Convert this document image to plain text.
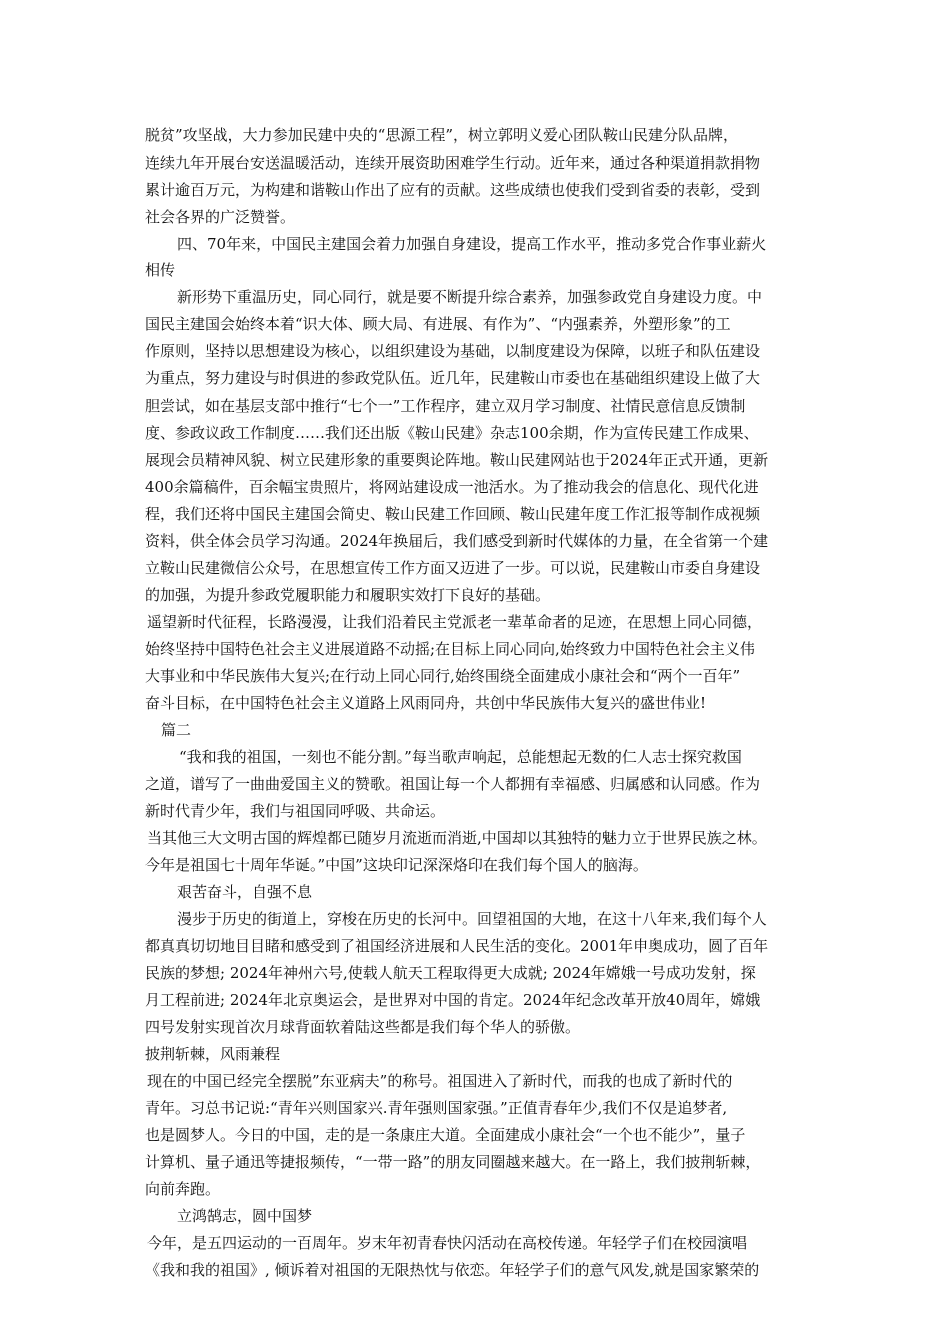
脱贫”攻坚战，大力参加民建中央的“思源工程”，树立郭明义爱心团队鞍山民建分队品牌，
连续九年开展台安送温暖活动，连续开展资助困难学生行动。近年来，通过各种渠道捐款捐物
累计逾百万元，为构建和谐鞍山作出了应有的贡献。这些成绩也使我们受到省委的表彰，受到
社会各界的广泛赞誉。
四、70年来，中国民主建国会着力加强自身建设，提高工作水平，推动多党合作事业薪火
相传
新形势下重温历史，同心同行，就是要不断提升综合素养，加强参政党自身建设力度。中
国民主建国会始终本着“识大体、顾大局、有进展、有作为”、“内强素养，外塑形象”的工
作原则，坚持以思想建设为核心，以组织建设为基础，以制度建设为保障，以班子和队伍建设
为重点，努力建设与时俱进的参政党队伍。近几年，民建鞍山市委也在基础组织建设上做了大
胆尝试，如在基层支部中推行“七个一”工作程序，建立双月学习制度、社情民意信息反馈制
度、参政议政工作制度……我们还出版《鞍山民建》杂志100余期，作为宣传民建工作成果、
展现会员精神风貌、树立民建形象的重要舆论阵地。鞍山民建网站也于2024年正式开通，更新
400余篇稿件，百余幅宝贵照片，将网站建设成一池活水。为了推动我会的信息化、现代化进
程，我们还将中国民主建国会简史、鞍山民建工作回顾、鞍山民建年度工作汇报等制作成视频
资料，供全体会员学习沟通。2024年换届后，我们感受到新时代媒体的力量，在全省第一个建
立鞍山民建微信公众号，在思想宣传工作方面又迈进了一步。可以说，民建鞍山市委自身建设
的加强，为提升参政党履职能力和履职实效打下良好的基础。
遥望新时代征程，长路漫漫，让我们沿着民主党派老一辈革命者的足迹，在思想上同心同德，
始终坚持中国特色社会主义进展道路不动摇;在目标上同心同向,始终致力中国特色社会主义伟
大事业和中华民族伟大复兴;在行动上同心同行,始终围绕全面建成小康社会和“两个一百年”
奋斗目标，在中国特色社会主义道路上风雨同舟，共创中华民族伟大复兴的盛世伟业!
篇二
“我和我的祖国，一刻也不能分割。”每当歌声响起，总能想起无数的仁人志士探究救国
之道，谱写了一曲曲爱国主义的赞歌。祖国让每一个人都拥有幸福感、归属感和认同感。作为
新时代青少年，我们与祖国同呼吸、共命运。
当其他三大文明古国的辉煌都已随岁月流逝而消逝,中国却以其独特的魅力立于世界民族之林。
今年是祖国七十周年华诞。”中国”这块印记深深烙印在我们每个国人的脑海。
艰苦奋斗，自强不息
漫步于历史的街道上，穿梭在历史的长河中。回望祖国的大地，在这十八年来,我们每个人
都真真切切地目目睹和感受到了祖国经济进展和人民生活的变化。2001年申奥成功，圆了百年
民族的梦想; 2024年神州六号,使载人航天工程取得更大成就; 2024年嫦娥一号成功发射，探
月工程前进; 2024年北京奥运会，是世界对中国的肯定。2024年纪念改革开放40周年，嫦娥
四号发射实现首次月球背面软着陆这些都是我们每个华人的骄傲。
披荆斩棘，风雨兼程
现在的中国已经完全摆脱”东亚病夫”的称号。祖国进入了新时代，而我的也成了新时代的
青年。习总书记说:“青年兴则国家兴.青年强则国家强。”正值青春年少,我们不仅是追梦者,
也是圆梦人。今日的中国，走的是一条康庄大道。全面建成小康社会“一个也不能少”，量子
计算机、量子通迅等捷报频传，“一带一路”的朋友同圈越来越大。在一路上，我们披荆斩棘，
向前奔跑。
立鸿鹄志，圆中国梦
今年，是五四运动的一百周年。岁末年初青春快闪活动在高校传递。年轻学子们在校园演唱
《我和我的祖国》, 倾诉着对祖国的无限热忱与依恋。年轻学子们的意气风发,就是国家繁荣的
